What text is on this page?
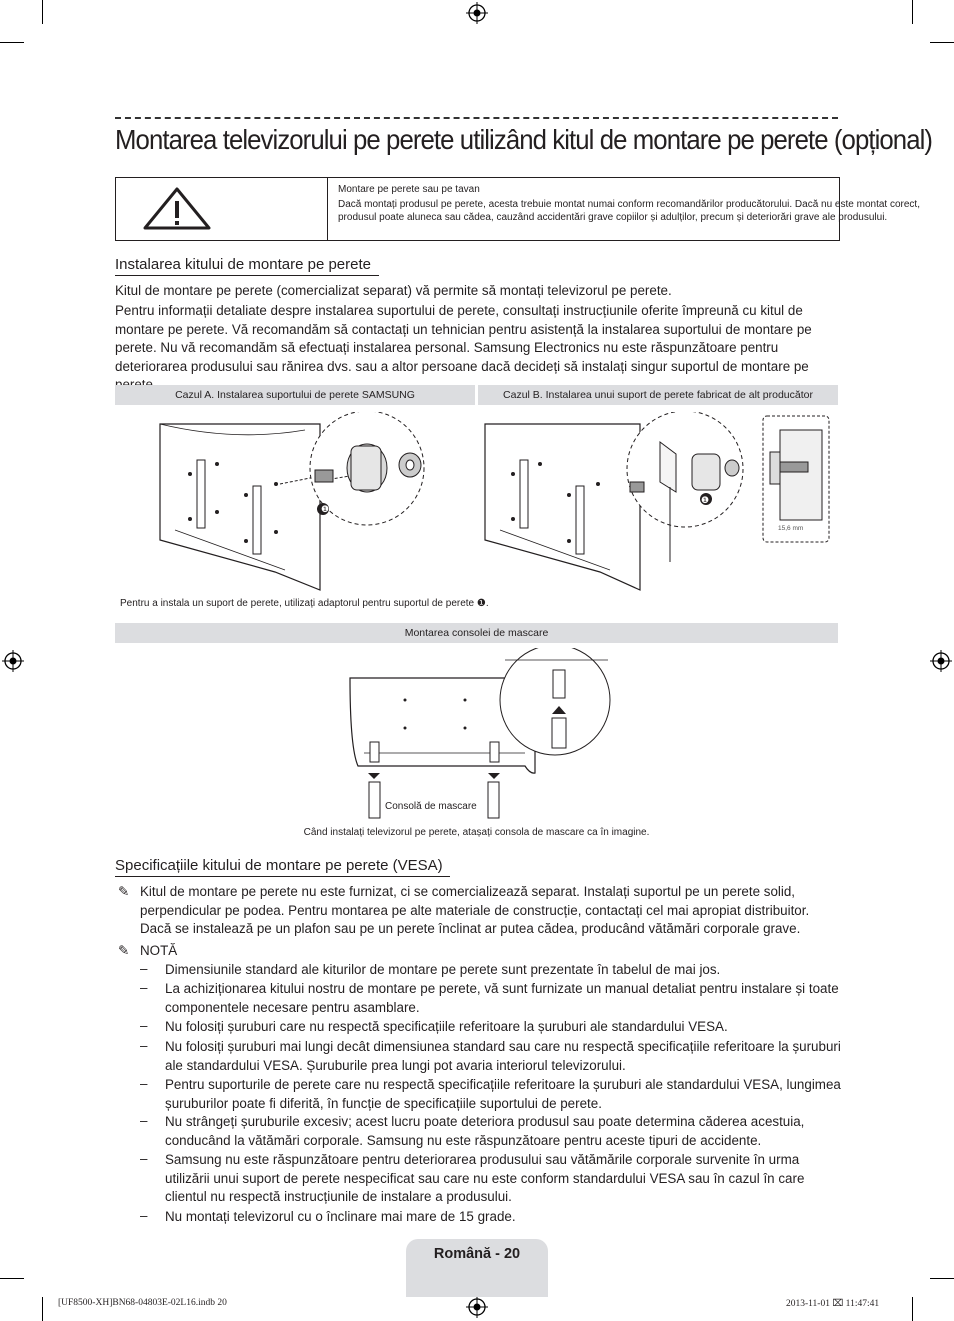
Montarea televizorului pe perete utilizând kitul de montare pe perete (opțional)
Montare pe perete sau pe tavan
Dacă montați produsul pe perete, acesta trebuie montat numai conform recomandărilor producătorului. Dacă nu este montat corect, produsul poate aluneca sau cădea, cauzând accidentări grave copiilor și adulților, precum și deteriorări grave ale produsului.
Instalarea kitului de montare pe perete
Kitul de montare pe perete (comercializat separat) vă permite să montați televizorul pe perete.
Pentru informații detaliate despre instalarea suportului de perete, consultați instrucțiunile oferite împreună cu kitul de montare pe perete. Vă recomandăm să contactați un tehnician pentru asistență la instalarea suportului de montare pe perete. Nu vă recomandăm să efectuați instalarea personal. Samsung Electronics nu este răspunzătoare pentru deteriorarea produsului sau rănirea dvs. sau a altor persoane dacă decideți să instalați singur suportul de montare pe
Cazul A. Instalarea suportului de perete SAMSUNG	Cazul B. Instalarea unui suport de perete fabricat de alt producător
❶
❶
15,6 mm
Pentru a instala un suport de perete, utilizați adaptorul pentru suportul de perete ❶.
Montarea consolei de mascare
Consolă de mascare
Când instalați televizorul pe perete, atașați consola de mascare ca în imagine.
Specificațiile kitului de montare pe perete (VESA)
✎ Kitul de montare pe perete nu este furnizat, ci se comercializează separat. Instalați suportul pe un perete solid, perpendicular pe podea. Pentru montarea pe alte materiale de construcție, contactați cel mai apropiat distribuitor. Dacă se instalează pe un plafon sau pe un perete înclinat ar putea cădea, producând vătămări corporale grave.
✎ NOTĂ
– Dimensiunile standard ale kiturilor de montare pe perete sunt prezentate în tabelul de mai jos.
– La achiziționarea kitului nostru de montare pe perete, vă sunt furnizate un manual detaliat pentru instalare și toate componentele necesare pentru asamblare.
– Nu folosiți șuruburi care nu respectă specificațiile referitoare la șuruburi ale standardului VESA.
– Nu folosiți șuruburi mai lungi decât dimensiunea standard sau care nu respectă specificațiile referitoare la șuruburi ale standardului VESA. Șuruburile prea lungi pot avaria interiorul televizorului.
– Pentru suporturile de perete care nu respectă specificațiile referitoare la șuruburi ale standardului VESA, lungimea șuruburilor poate fi diferită, în funcție de specificațiile suportului de perete.
– Nu strângeți șuruburile excesiv; acest lucru poate deteriora produsul sau poate determina căderea acestuia, conducând la vătămări corporale. Samsung nu este răspunzătoare pentru aceste tipuri de accidente.
– Samsung nu este răspunzătoare pentru deteriorarea produsului sau vătămările corporale survenite în urma utilizării unui suport de perete nespecificat sau care nu este conform standardului VESA sau în cazul în care clientul nu respectă instrucțiunile de instalare a produsului.
– Nu montați televizorul cu o înclinare mai mare de 15 grade.
Română - 20
[UF8500-XH]BN68-04803E-02L16.indb 20	2013-11-01 ⌧ 11:47:41
